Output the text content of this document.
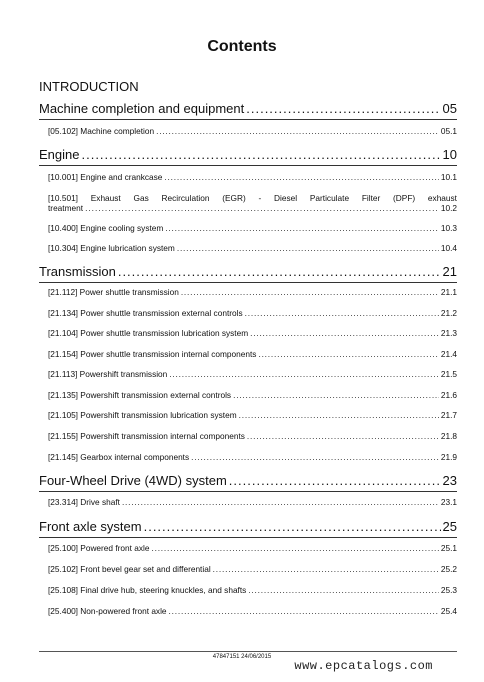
Contents
INTRODUCTION
Machine completion and equipment .....	05
[05.102] Machine completion .....	05.1
Engine .....	10
[10.001] Engine and crankcase .....	10.1
[10.501] Exhaust Gas Recirculation (EGR) - Diesel Particulate Filter (DPF) exhaust
treatment .....	10.2
[10.400] Engine cooling system .....	10.3
[10.304] Engine lubrication system .....	10.4
Transmission .....	21
[21.112] Power shuttle transmission .....	21.1
[21.134] Power shuttle transmission external controls .....	21.2
[21.104] Power shuttle transmission lubrication system .....	21.3
[21.154] Power shuttle transmission internal components .....	21.4
[21.113] Powershift transmission .....	21.5
[21.135] Powershift transmission external controls .....	21.6
[21.105] Powershift transmission lubrication system .....	21.7
[21.155] Powershift transmission internal components .....	21.8
[21.145] Gearbox internal components .....	21.9
Four-Wheel Drive (4WD) system .....	23
[23.314] Drive shaft .....	23.1
Front axle system .....	25
[25.100] Powered front axle .....	25.1
[25.102] Front bevel gear set and differential .....	25.2
[25.108] Final drive hub, steering knuckles, and shafts .....	25.3
[25.400] Non-powered front axle .....	25.4
47847151 24/06/2015
www.epcatalogs.com
